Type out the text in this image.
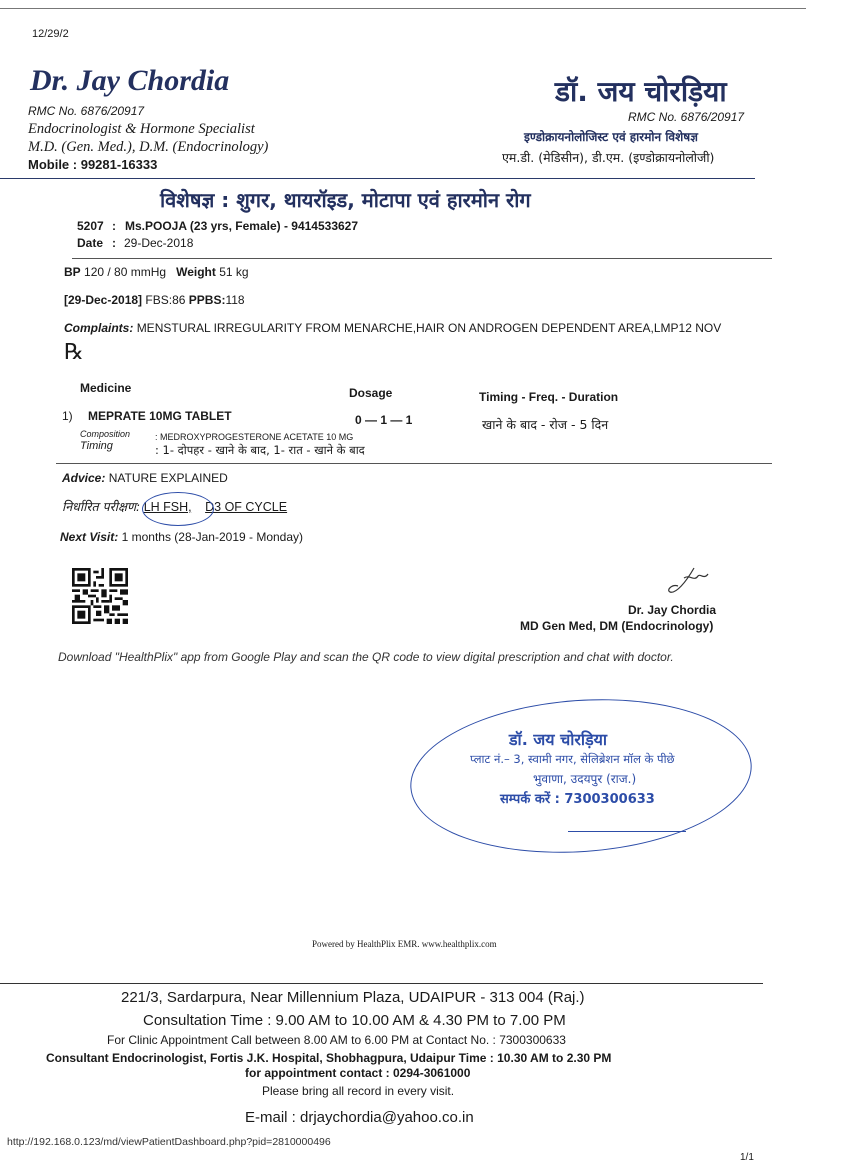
12/29/2
Dr. Jay Chordia
RMC No. 6876/20917
Endocrinologist & Hormone Specialist
M.D. (Gen. Med.), D.M. (Endocrinology)
Mobile : 99281-16333
डॉ. जय चोरड़िया
RMC No. 6876/20917
इण्डोक्रायनोलोजिस्ट एवं हारमोन विशेषज्ञ
एम.डी. (मेडिसीन), डी.एम. (इण्डोक्रायनोलोजी)
विशेषज्ञ : शुगर, थायरॉइड, मोटापा एवं हारमोन रोग
5207 : Ms.POOJA (23 yrs, Female) - 9414533627
Date : 29-Dec-2018
BP 120 / 80 mmHg Weight 51 kg
[29-Dec-2018] FBS:86 PPBS:118
Complaints: MENSTURAL IRREGULARITY FROM MENARCHE,HAIR ON ANDROGEN DEPENDENT AREA,LMP12 NOV
℞
Medicine	Dosage	Timing - Freq. - Duration
1) MEPRATE 10MG TABLET	0 — 1 — 1	खाने के बाद - रोज - 5 दिन
Composition	: MEDROXYPROGESTERONE ACETATE 10 MG
Timing	: 1- दोपहर - खाने के बाद, 1- रात - खाने के बाद
Advice: NATURE EXPLAINED
निर्धारित परीक्षण: LH FSH, D3 OF CYCLE
Next Visit: 1 months (28-Jan-2019 - Monday)
Dr. Jay Chordia
MD Gen Med, DM (Endocrinology)
Download "HealthPlix" app from Google Play and scan the QR code to view digital prescription and chat with doctor.
डॉ. जय चोरड़िया
प्लाट नं.– 3, स्वामी नगर, सेलिब्रेशन मॉल के पीछे
भुवाणा, उदयपुर (राज.)
सम्पर्क करें : 7300300633
Powered by HealthPlix EMR. www.healthplix.com
221/3, Sardarpura, Near Millennium Plaza, UDAIPUR - 313 004 (Raj.)
Consultation Time : 9.00 AM to 10.00 AM & 4.30 PM to 7.00 PM
For Clinic Appointment Call between 8.00 AM to 6.00 PM at Contact No. : 7300300633
Consultant Endocrinologist, Fortis J.K. Hospital, Shobhagpura, Udaipur Time : 10.30 AM to 2.30 PM
for appointment contact : 0294-3061000
Please bring all record in every visit.
E-mail : drjaychordia@yahoo.co.in
http://192.168.0.123/md/viewPatientDashboard.php?pid=2810000496
1/1
